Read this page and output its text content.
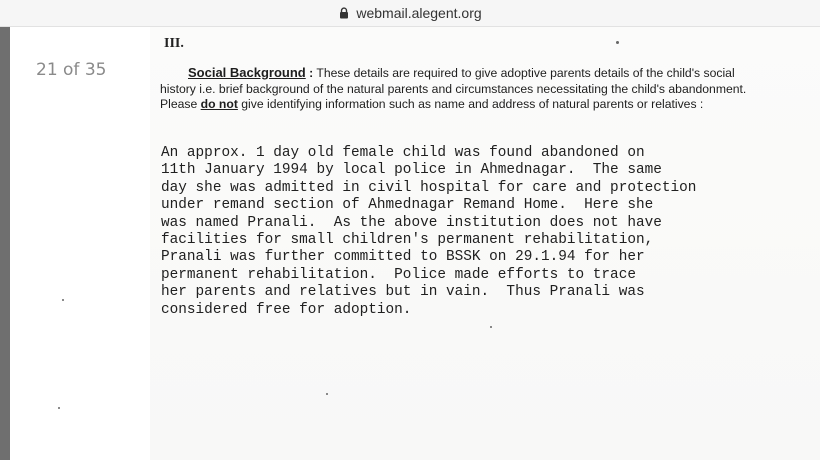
webmail.alegent.org
21 of 35
III.
Social Background : These details are required to give adoptive parents details of the child's social history i.e. brief background of the natural parents and circumstances necessitating the child's abandonment. Please do not give identifying information such as name and address of natural parents or relatives :
An approx. 1 day old female child was found abandoned on
11th January 1994 by local police in Ahmednagar.  The same
day she was admitted in civil hospital for care and protection
under remand section of Ahmednagar Remand Home.  Here she
was named Pranali.  As the above institution does not have
facilities for small children's permanent rehabilitation,
Pranali was further committed to BSSK on 29.1.94 for her
permanent rehabilitation.  Police made efforts to trace
her parents and relatives but in vain.  Thus Pranali was
considered free for adoption.
